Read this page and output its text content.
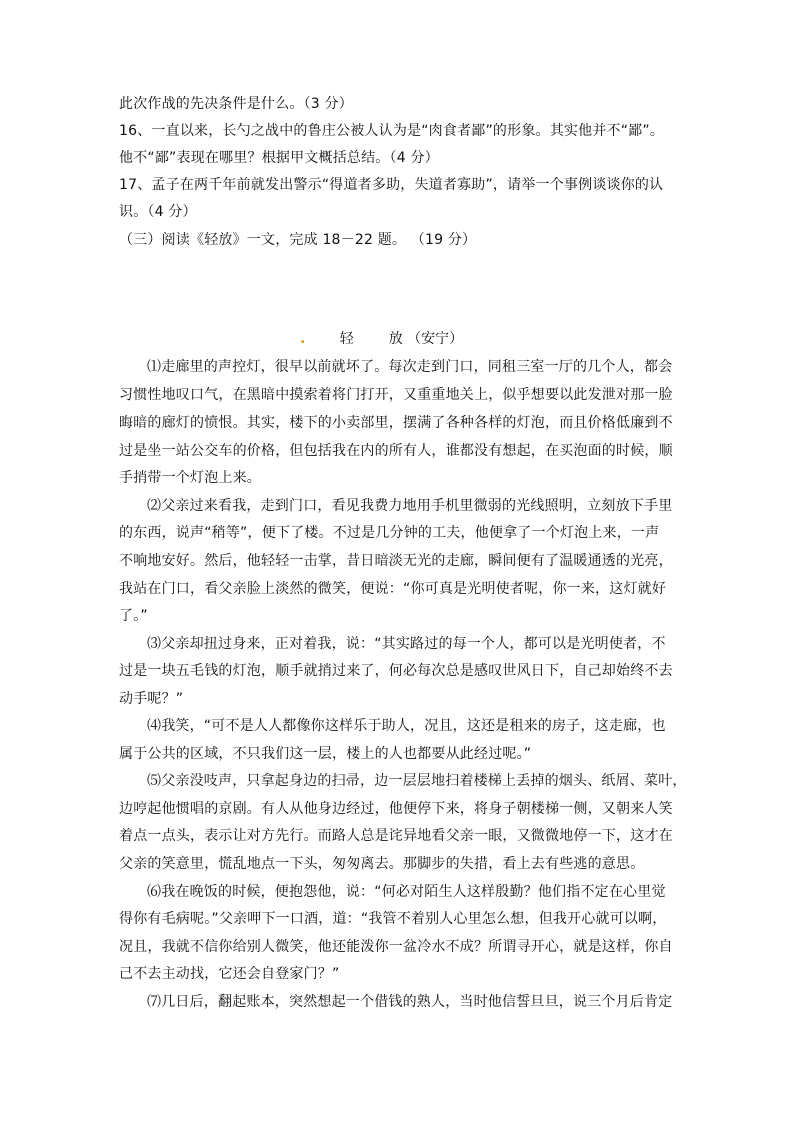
此次作战的先决条件是什么。（3 分）
16、一直以来，长勺之战中的鲁庄公被人认为是“肉食者鄙”的形象。其实他并不“鄙”。
他不“鄙”表现在哪里？根据甲文概括总结。（4 分）
17、孟子在两千年前就发出警示“得道者多助，失道者寡助”，请举一个事例谈谈你的认
识。（4 分）
（三）阅读《轻放》一文，完成 18－22 题。 （19 分）
. 轻 放 （安宁）
⑴走廊里的声控灯，很早以前就坏了。每次走到门口，同租三室一厅的几个人，都会
习惯性地叹口气，在黑暗中摸索着将门打开，又重重地关上，似乎想要以此发泄对那一脸
晦暗的廊灯的愤恨。其实，楼下的小卖部里，摆满了各种各样的灯泡，而且价格低廉到不
过是坐一站公交车的价格，但包括我在内的所有人，谁都没有想起，在买泡面的时候，顺
手捎带一个灯泡上来。
⑵父亲过来看我，走到门口，看见我费力地用手机里微弱的光线照明，立刻放下手里
的东西，说声“稍等”，便下了楼。不过是几分钟的工夫，他便拿了一个灯泡上来，一声
不响地安好。然后，他轻轻一击掌，昔日暗淡无光的走廊，瞬间便有了温暖通透的光亮，
我站在门口，看父亲脸上淡然的微笑，便说：“你可真是光明使者呢，你一来，这灯就好
了。”
⑶父亲却扭过身来，正对着我，说：“其实路过的每一个人，都可以是光明使者，不
过是一块五毛钱的灯泡，顺手就捎过来了，何必每次总是感叹世风日下，自己却始终不去
动手呢？”
⑷我笑，“可不是人人都像你这样乐于助人，况且，这还是租来的房子，这走廊，也
属于公共的区域，不只我们这一层，楼上的人也都要从此经过呢。”
⑸父亲没吱声，只拿起身边的扫帚，边一层层地扫着楼梯上丢掉的烟头、纸屑、菜叶，
边哼起他惯唱的京剧。有人从他身边经过，他便停下来，将身子朝楼梯一侧，又朝来人笑
着点一点头，表示让对方先行。而路人总是诧异地看父亲一眼，又微微地停一下，这才在
父亲的笑意里，慌乱地点一下头，匆匆离去。那脚步的失措，看上去有些逃的意思。
⑹我在晚饭的时候，便抱怨他，说：“何必对陌生人这样殷勤？他们指不定在心里觉
得你有毛病呢。”父亲呷下一口酒，道：“我管不着别人心里怎么想，但我开心就可以啊，
况且，我就不信你给别人微笑，他还能泼你一盆冷水不成？所谓寻开心，就是这样，你自
己不去主动找，它还会自登家门？”
⑺几日后，翻起账本，突然想起一个借钱的熟人，当时他信誓旦旦，说三个月后肯定
